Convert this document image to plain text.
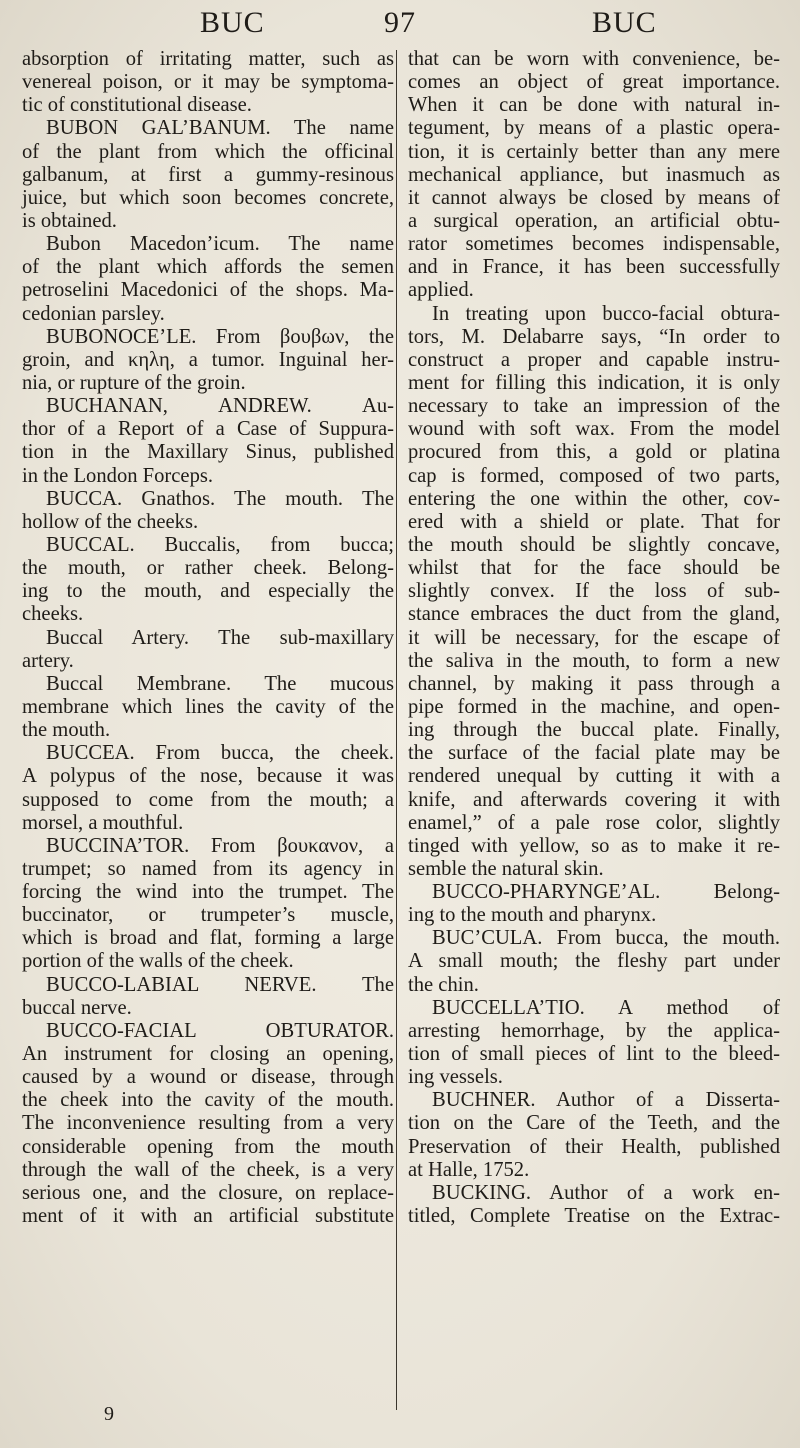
BUC	97	BUC
absorption of irritating matter, such as
venereal poison, or it may be symptoma-
tic of constitutional disease.
BUBON GAL’BANUM. The name
of the plant from which the officinal
galbanum, at first a gummy-resinous
juice, but which soon becomes concrete,
is obtained.
Bubon Macedon’icum. The name
of the plant which affords the semen
petroselini Macedonici of the shops. Ma-
cedonian parsley.
BUBONOCE’LE. From βουβων, the
groin, and κηλη, a tumor. Inguinal her-
nia, or rupture of the groin.
BUCHANAN, ANDREW. Au-
thor of a Report of a Case of Suppura-
tion in the Maxillary Sinus, published
in the London Forceps.
BUCCA. Gnathos. The mouth. The
hollow of the cheeks.
BUCCAL. Buccalis, from bucca;
the mouth, or rather cheek. Belong-
ing to the mouth, and especially the
cheeks.
Buccal Artery. The sub-maxillary
artery.
Buccal Membrane. The mucous
membrane which lines the cavity of the
the mouth.
BUCCEA. From bucca, the cheek.
A polypus of the nose, because it was
supposed to come from the mouth; a
morsel, a mouthful.
BUCCINA’TOR. From βουκανον, a
trumpet; so named from its agency in
forcing the wind into the trumpet. The
buccinator, or trumpeter’s muscle,
which is broad and flat, forming a large
portion of the walls of the cheek.
BUCCO-LABIAL NERVE. The
buccal nerve.
BUCCO-FACIAL OBTURATOR.
An instrument for closing an opening,
caused by a wound or disease, through
the cheek into the cavity of the mouth.
The inconvenience resulting from a very
considerable opening from the mouth
through the wall of the cheek, is a very
serious one, and the closure, on replace-
ment of it with an artificial substitute
that can be worn with convenience, be-
comes an object of great importance.
When it can be done with natural in-
tegument, by means of a plastic opera-
tion, it is certainly better than any mere
mechanical appliance, but inasmuch as
it cannot always be closed by means of
a surgical operation, an artificial obtu-
rator sometimes becomes indispensable,
and in France, it has been successfully
applied.
In treating upon bucco-facial obtura-
tors, M. Delabarre says, “In order to
construct a proper and capable instru-
ment for filling this indication, it is only
necessary to take an impression of the
wound with soft wax. From the model
procured from this, a gold or platina
cap is formed, composed of two parts,
entering the one within the other, cov-
ered with a shield or plate. That for
the mouth should be slightly concave,
whilst that for the face should be
slightly convex. If the loss of sub-
stance embraces the duct from the gland,
it will be necessary, for the escape of
the saliva in the mouth, to form a new
channel, by making it pass through a
pipe formed in the machine, and open-
ing through the buccal plate. Finally,
the surface of the facial plate may be
rendered unequal by cutting it with a
knife, and afterwards covering it with
enamel,” of a pale rose color, slightly
tinged with yellow, so as to make it re-
semble the natural skin.
BUCCO-PHARYNGE’AL. Belong-
ing to the mouth and pharynx.
BUC’CULA. From bucca, the mouth.
A small mouth; the fleshy part under
the chin.
BUCCELLA’TIO. A method of
arresting hemorrhage, by the applica-
tion of small pieces of lint to the bleed-
ing vessels.
BUCHNER. Author of a Disserta-
tion on the Care of the Teeth, and the
Preservation of their Health, published
at Halle, 1752.
BUCKING. Author of a work en-
titled, Complete Treatise on the Extrac-
9
